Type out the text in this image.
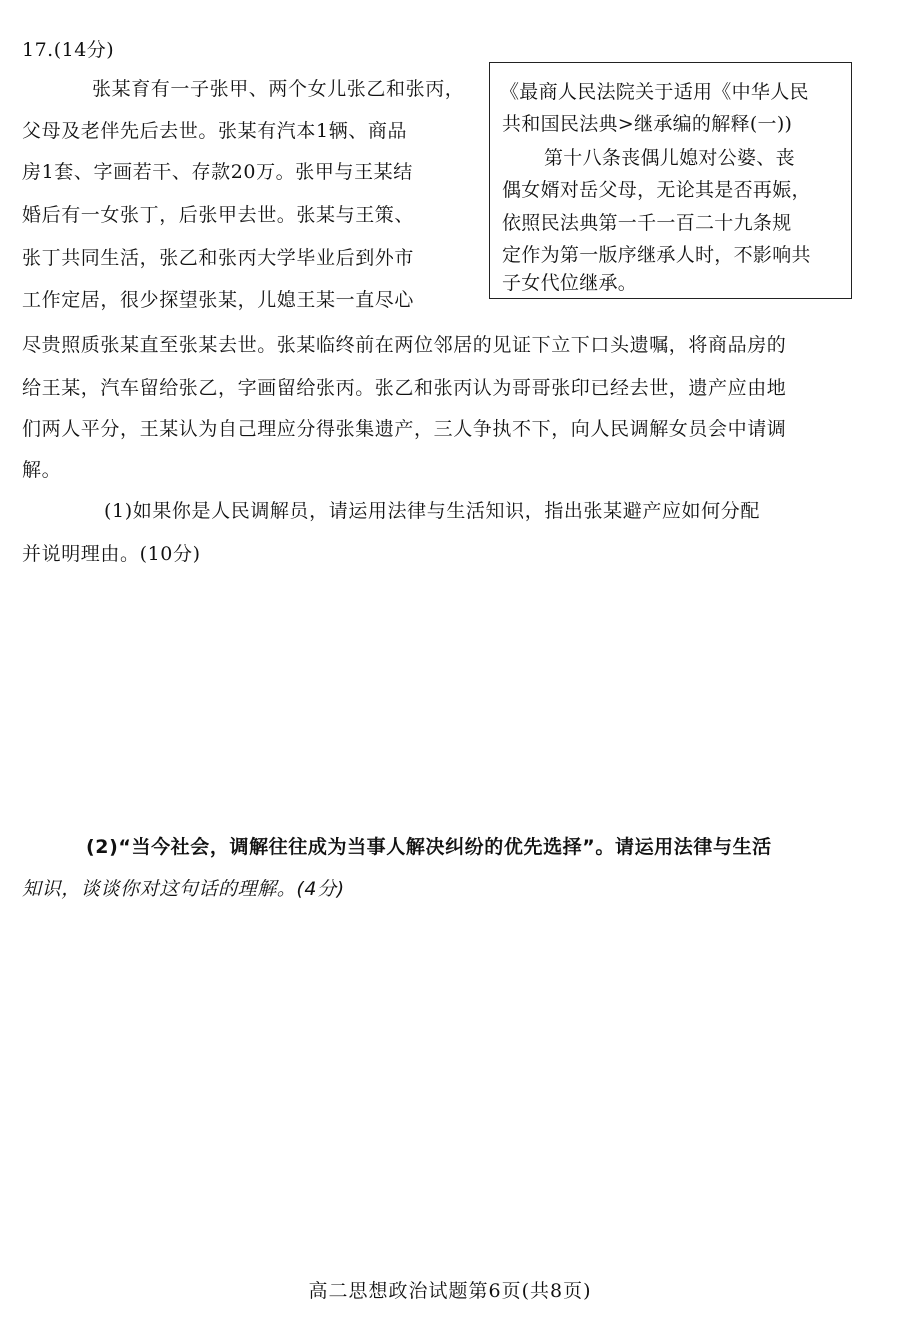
17.(14分)
张某育有一子张甲、两个女儿张乙和张丙，
父母及老伴先后去世。张某有汽本1辆、商品
房1套、字画若干、存款20万。张甲与王某结
婚后有一女张丁，后张甲去世。张某与王策、
张丁共同生活，张乙和张丙大学毕业后到外市
工作定居，很少探望张某，儿媳王某一直尽心
《最商人民法院关于适用《中华人民
共和国民法典>继承编的解释(一))
第十八条丧偶儿媳对公婆、丧
偶女婿对岳父母，无论其是否再娠，
依照民法典第一千一百二十九条规
定作为第一版序继承人时，不影响共
子女代位继承。
尽贵照质张某直至张某去世。张某临终前在两位邻居的见证下立下口头遗嘱，将商品房的
给王某，汽车留给张乙，字画留给张丙。张乙和张丙认为哥哥张印已经去世，遗产应由地
们两人平分，王某认为自己理应分得张集遗产，三人争执不下，向人民调解女员会中请调
解。
(1)如果你是人民调解员，请运用法律与生活知识，指出张某避产应如何分配
并说明理由。(10分)
(2)“当今社会，调解往往成为当事人解决纠纷的优先选择”。请运用法律与生活
知识，谈谈你对这句话的理解。(4分)
高二思想政治试题第6页(共8页)
